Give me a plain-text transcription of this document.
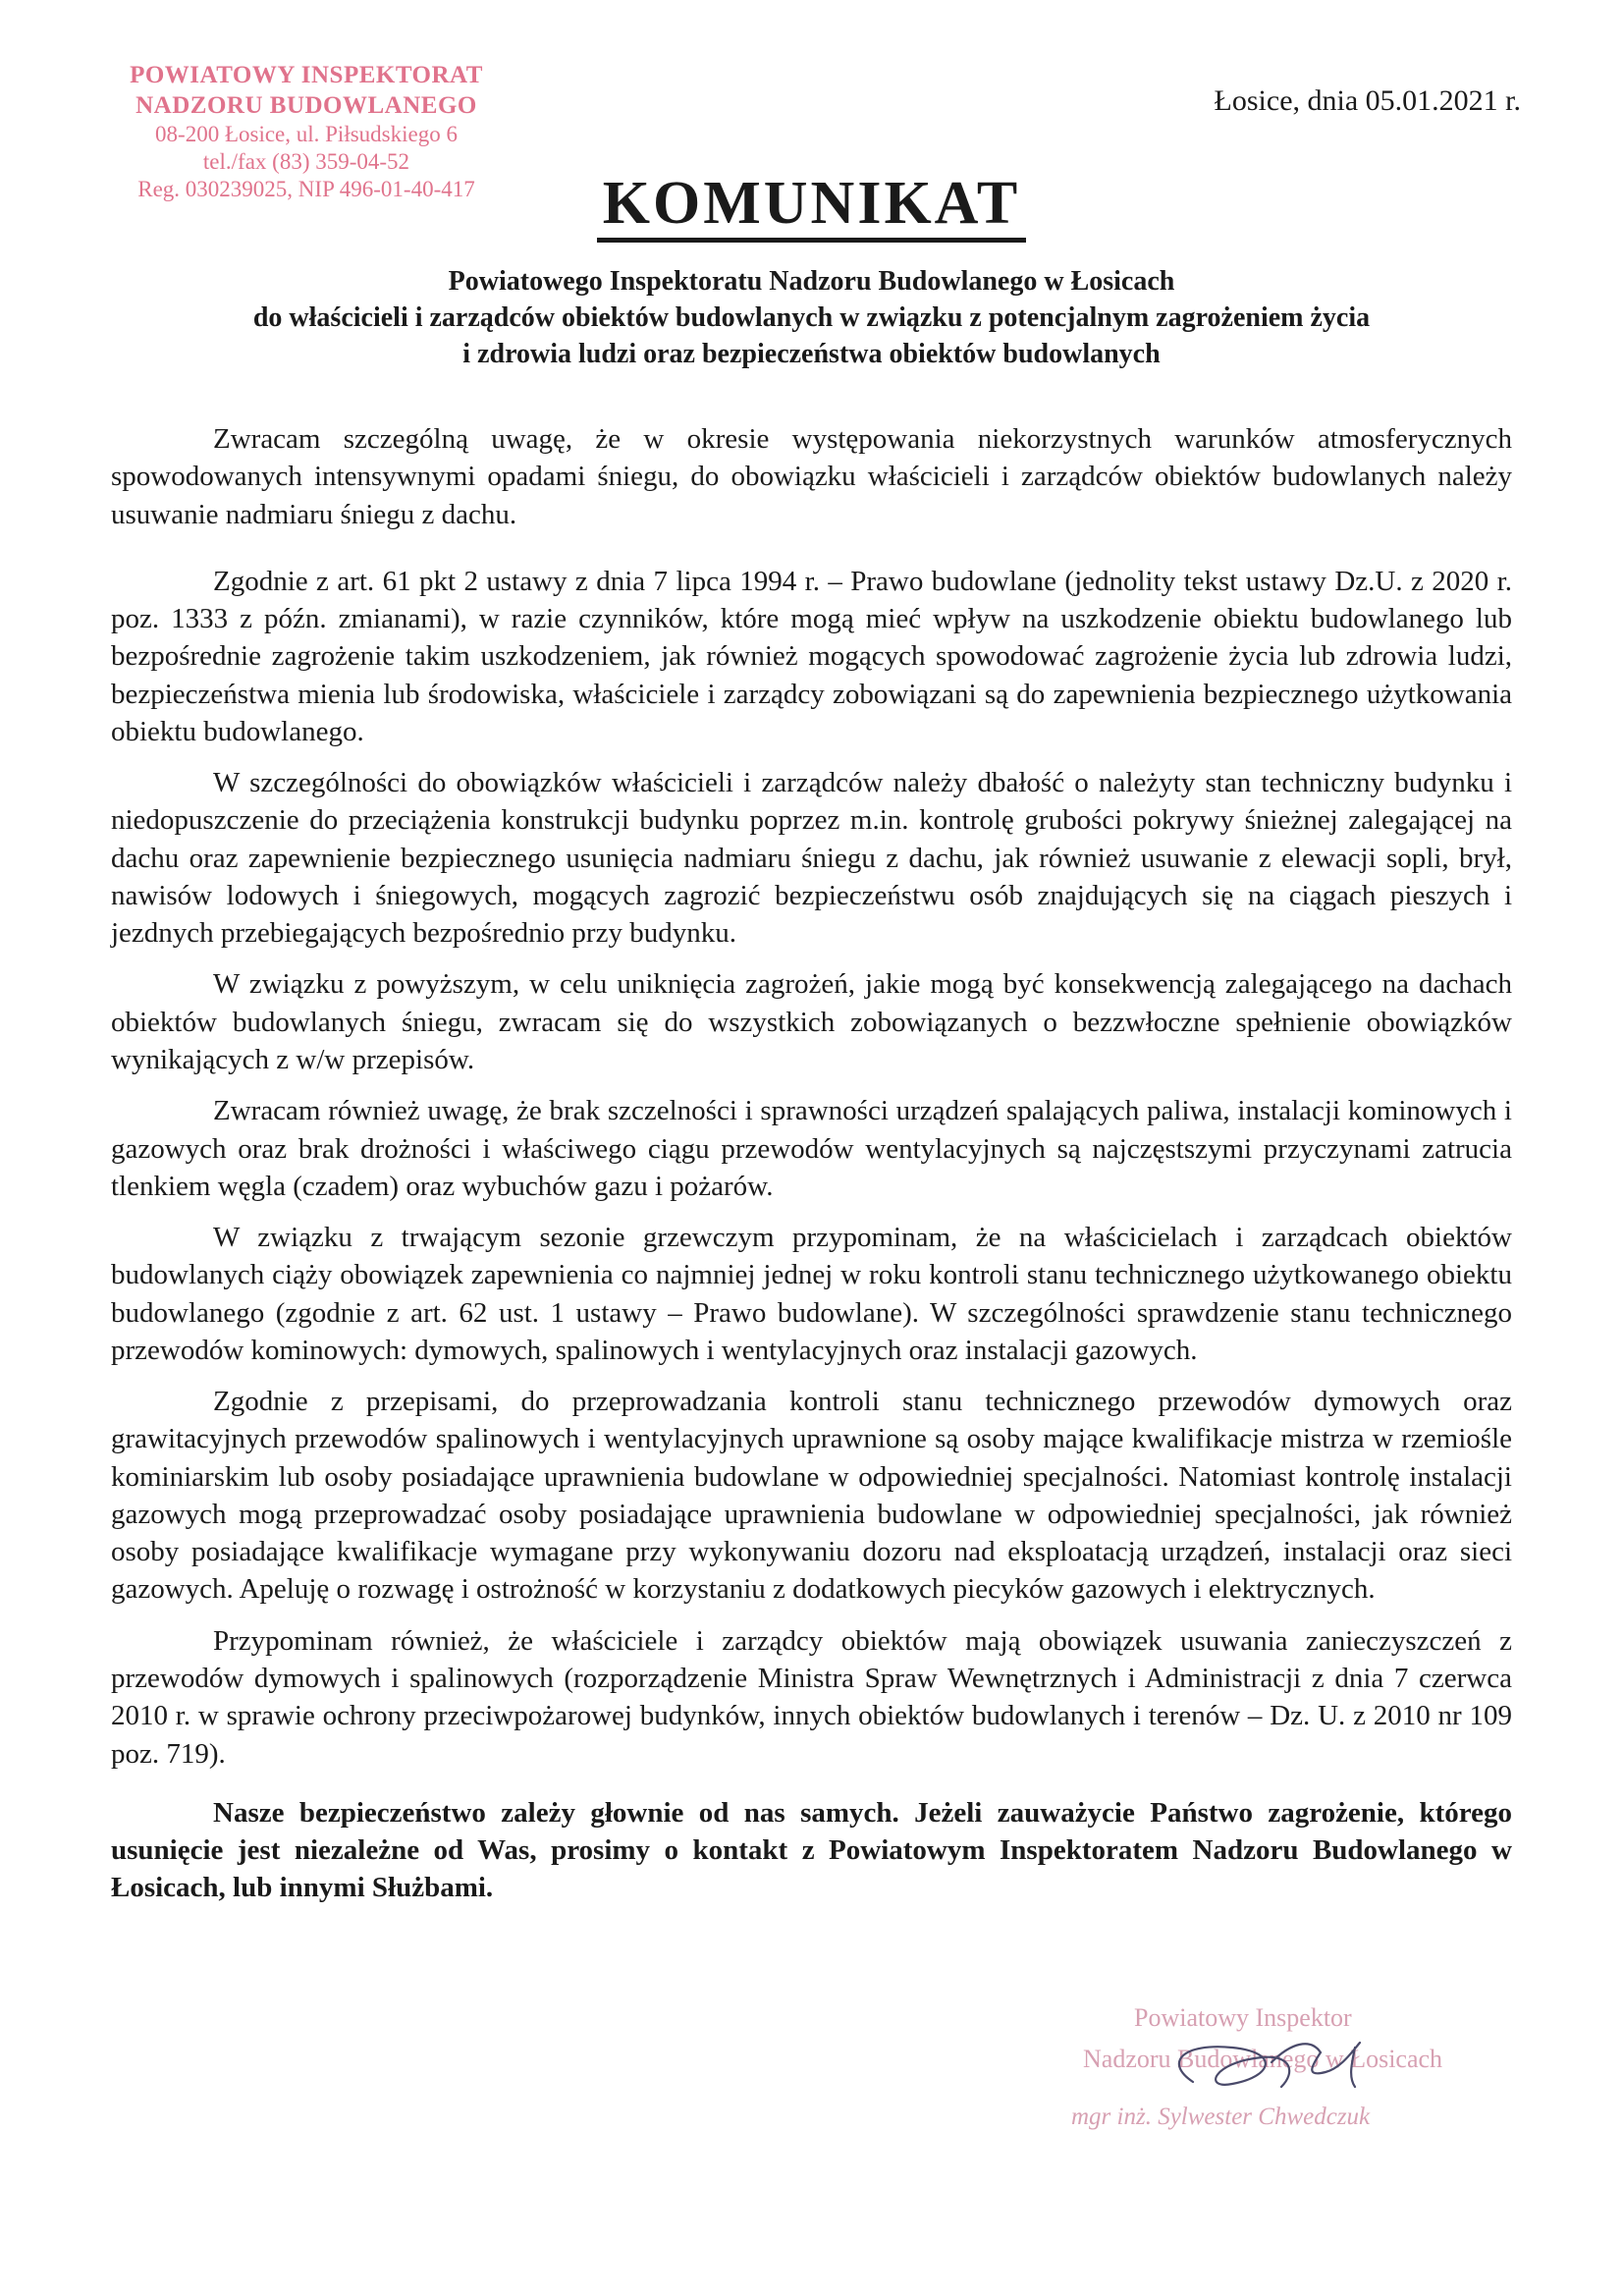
POWIATOWY INSPEKTORAT
NADZORU BUDOWLANEGO
08-200 Łosice, ul. Piłsudskiego 6
tel./fax (83) 359-04-52
Reg. 030239025, NIP 496-01-40-417
Łosice, dnia 05.01.2021 r.
KOMUNIKAT
Powiatowego Inspektoratu Nadzoru Budowlanego w Łosicach
do właścicieli i zarządców obiektów budowlanych w związku z potencjalnym zagrożeniem życia
i zdrowia ludzi oraz bezpieczeństwa obiektów budowlanych

Zwracam szczególną uwagę, że w okresie występowania niekorzystnych warunków atmosferycznych spowodowanych intensywnymi opadami śniegu, do obowiązku właścicieli i zarządców obiektów budowlanych należy usuwanie nadmiaru śniegu z dachu.

Zgodnie z art. 61 pkt 2 ustawy z dnia 7 lipca 1994 r. – Prawo budowlane (jednolity tekst ustawy Dz.U. z 2020 r. poz. 1333 z późn. zmianami), w razie czynników, które mogą mieć wpływ na uszkodzenie obiektu budowlanego lub bezpośrednie zagrożenie takim uszkodzeniem, jak również mogących spowodować zagrożenie życia lub zdrowia ludzi, bezpieczeństwa mienia lub środowiska, właściciele i zarządcy zobowiązani są do zapewnienia bezpiecznego użytkowania obiektu budowlanego.

W szczególności do obowiązków właścicieli i zarządców należy dbałość o należyty stan techniczny budynku i niedopuszczenie do przeciążenia konstrukcji budynku poprzez m.in. kontrolę grubości pokrywy śnieżnej zalegającej na dachu oraz zapewnienie bezpiecznego usunięcia nadmiaru śniegu z dachu, jak również usuwanie z elewacji sopli, brył, nawisów lodowych i śniegowych, mogących zagrozić bezpieczeństwu osób znajdujących się na ciągach pieszych i jezdnych przebiegających bezpośrednio przy budynku.

W związku z powyższym, w celu uniknięcia zagrożeń, jakie mogą być konsekwencją zalegającego na dachach obiektów budowlanych śniegu, zwracam się do wszystkich zobowiązanych o bezzwłoczne spełnienie obowiązków wynikających z w/w przepisów.

Zwracam również uwagę, że brak szczelności i sprawności urządzeń spalających paliwa, instalacji kominowych i gazowych oraz brak drożności i właściwego ciągu przewodów wentylacyjnych są najczęstszymi przyczynami zatrucia tlenkiem węgla (czadem) oraz wybuchów gazu i pożarów.

W związku z trwającym sezonie grzewczym przypominam, że na właścicielach i zarządcach obiektów budowlanych ciąży obowiązek zapewnienia co najmniej jednej w roku kontroli stanu technicznego użytkowanego obiektu budowlanego (zgodnie z art. 62 ust. 1 ustawy – Prawo budowlane). W szczególności sprawdzenie stanu technicznego przewodów kominowych: dymowych, spalinowych i wentylacyjnych oraz instalacji gazowych.

Zgodnie z przepisami, do przeprowadzania kontroli stanu technicznego przewodów dymowych oraz grawitacyjnych przewodów spalinowych i wentylacyjnych uprawnione są osoby mające kwalifikacje mistrza w rzemiośle kominiarskim lub osoby posiadające uprawnienia budowlane w odpowiedniej specjalności. Natomiast kontrolę instalacji gazowych mogą przeprowadzać osoby posiadające uprawnienia budowlane w odpowiedniej specjalności, jak również osoby posiadające kwalifikacje wymagane przy wykonywaniu dozoru nad eksploatacją urządzeń, instalacji oraz sieci gazowych. Apeluję o rozwagę i ostrożność w korzystaniu z dodatkowych piecyków gazowych i elektrycznych.

Przypominam również, że właściciele i zarządcy obiektów mają obowiązek usuwania zanieczyszczeń z przewodów dymowych i spalinowych (rozporządzenie Ministra Spraw Wewnętrznych i Administracji z dnia 7 czerwca 2010 r. w sprawie ochrony przeciwpożarowej budynków, innych obiektów budowlanych i terenów – Dz. U. z 2010 nr 109 poz. 719).

Nasze bezpieczeństwo zależy głownie od nas samych. Jeżeli zauważycie Państwo zagrożenie, którego usunięcie jest niezależne od Was, prosimy o kontakt z Powiatowym Inspektoratem Nadzoru Budowlanego w Łosicach, lub innymi Służbami.

Powiatowy Inspektor
Nadzoru Budowlanego w Łosicach
mgr inż. Sylwester Chwedczuk
